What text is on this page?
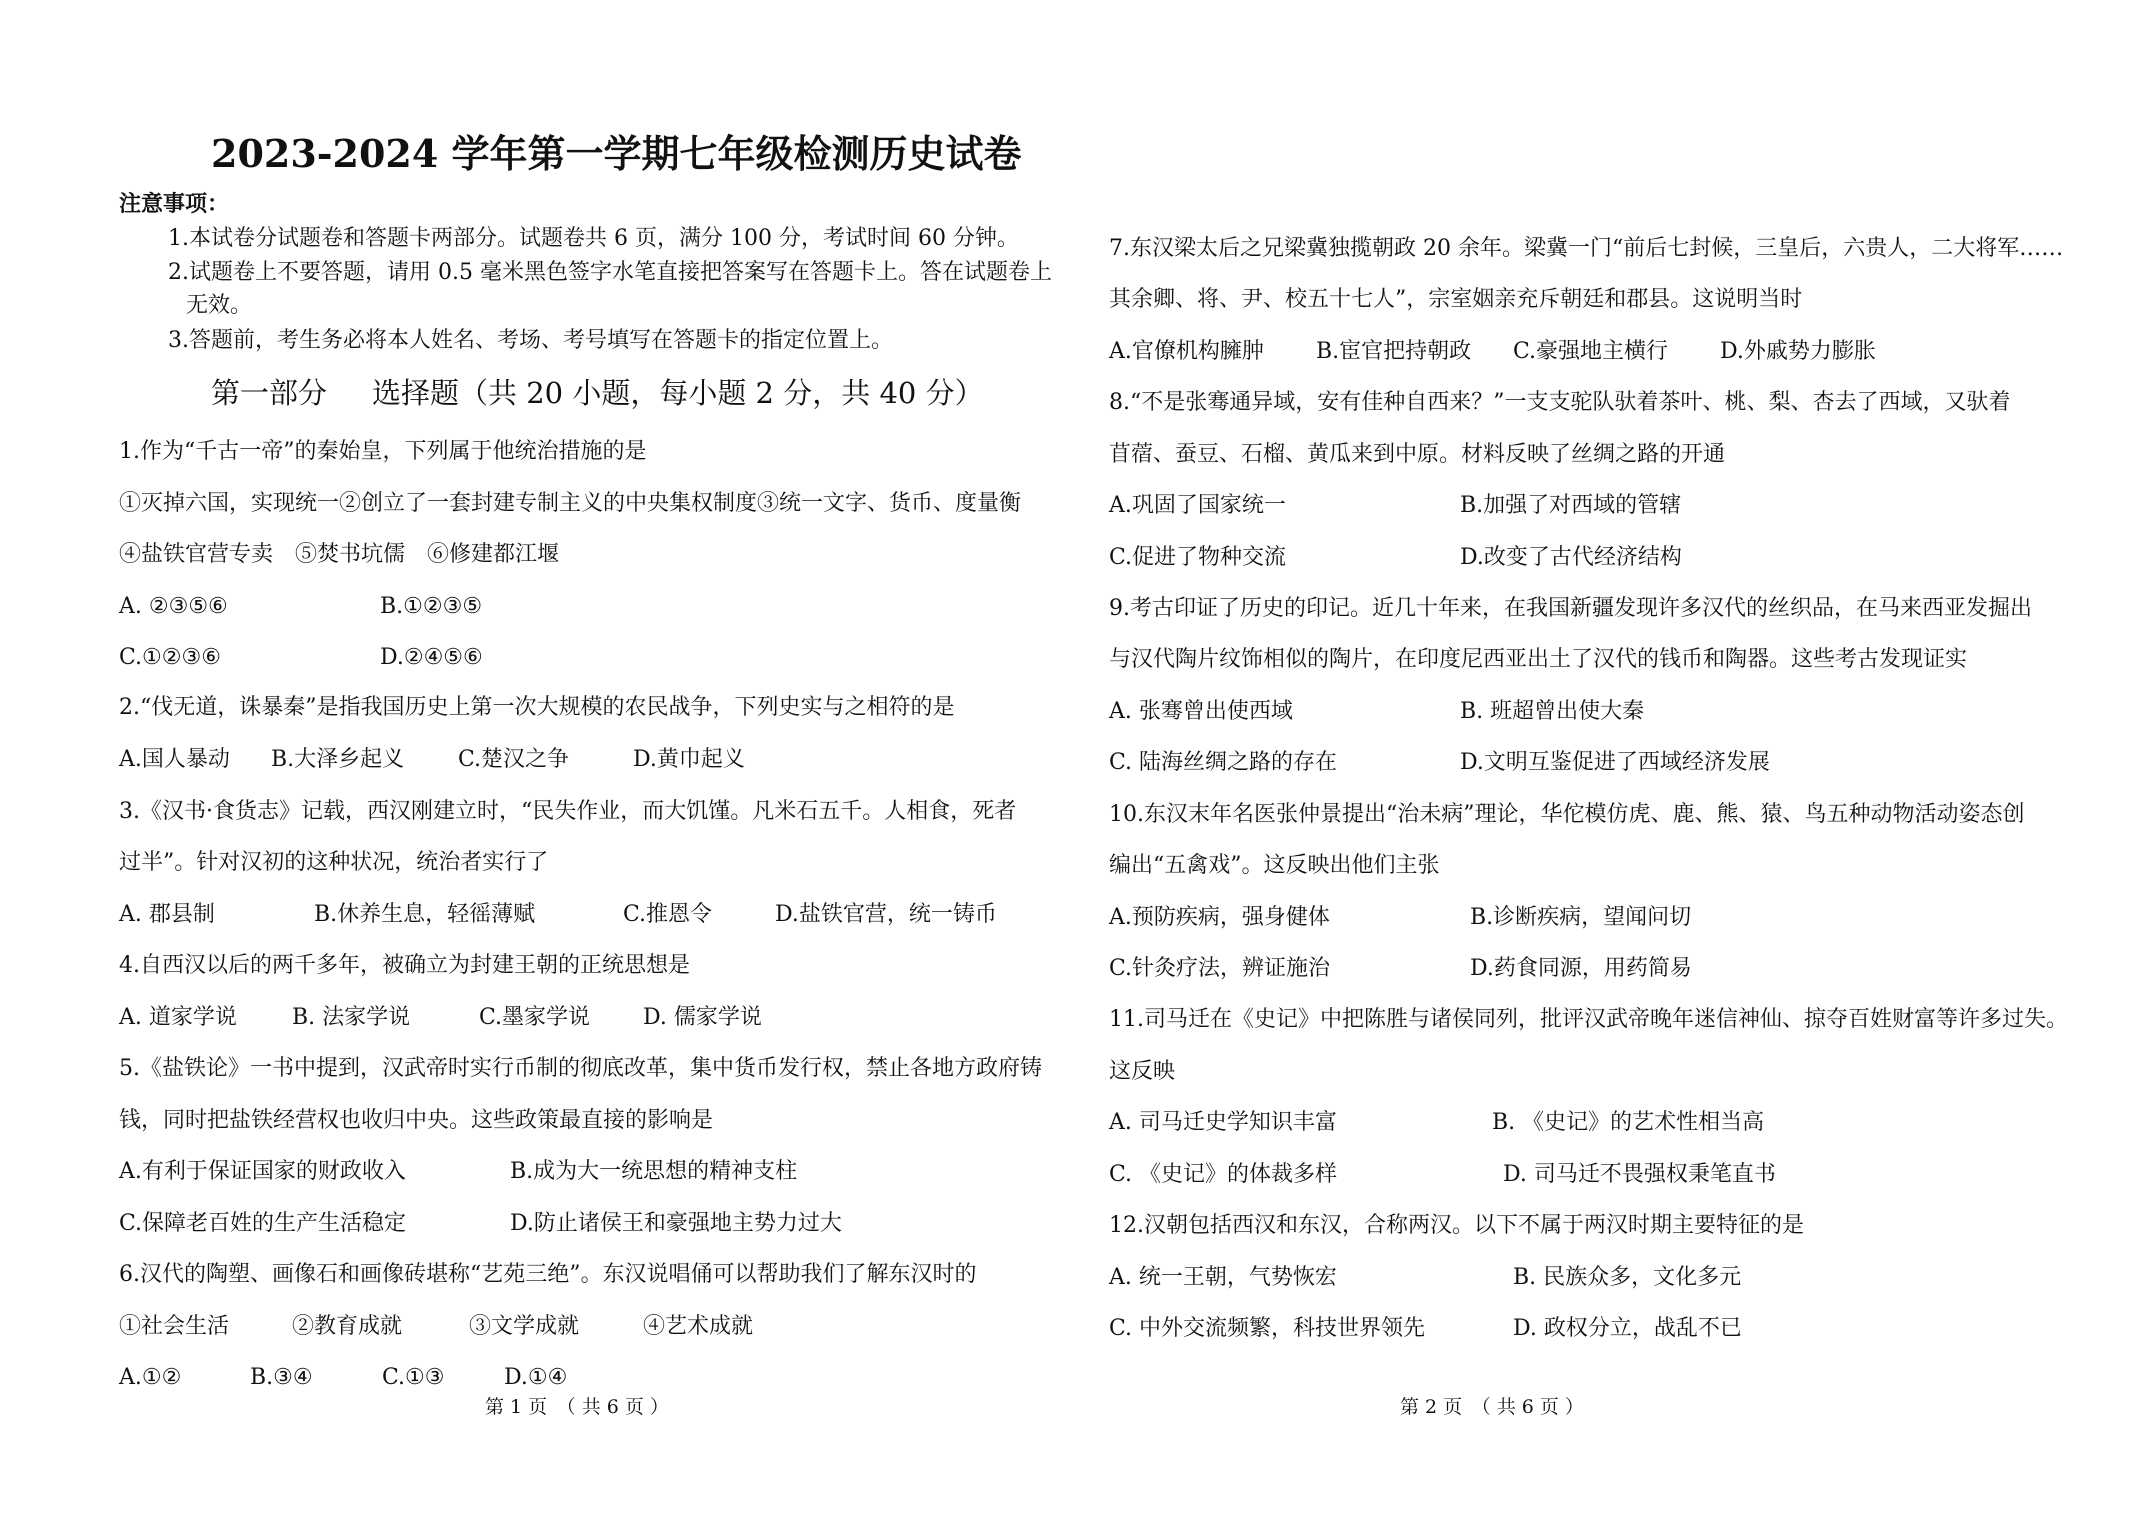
2023-2024 学年第一学期七年级检测历史试卷
注意事项：
1.本试卷分试题卷和答题卡两部分。试题卷共 6 页，满分 100 分，考试时间 60 分钟。
2.试题卷上不要答题，请用 0.5 毫米黑色签字水笔直接把答案写在答题卡上。答在试题卷上
无效。
3.答题前，考生务必将本人姓名、考场、考号填写在答题卡的指定位置上。
第一部分 选择题（共 20 小题，每小题 2 分，共 40 分）
1.作为“千古一帝”的秦始皇，下列属于他统治措施的是
①灭掉六国，实现统一②创立了一套封建专制主义的中央集权制度③统一文字、货币、度量衡
④盐铁官营专卖　⑤焚书坑儒　⑥修建都江堰
A. ②③⑤⑥	B.①②③⑤
C.①②③⑥	D.②④⑤⑥
2.“伐无道，诛暴秦”是指我国历史上第一次大规模的农民战争，下列史实与之相符的是
A.国人暴动 B.大泽乡起义 C.楚汉之争	D.黄巾起义
3.《汉书·食货志》记载，西汉刚建立时，“民失作业，而大饥馑。凡米石五千。人相食，死者
过半”。针对汉初的这种状况，统治者实行了
A. 郡县制	B.休养生息，轻徭薄赋	C.推恩令	D.盐铁官营，统一铸币
4.自西汉以后的两千多年，被确立为封建王朝的正统思想是
A. 道家学说	B. 法家学说	C.墨家学说 D. 儒家学说
5.《盐铁论》一书中提到，汉武帝时实行币制的彻底改革，集中货币发行权，禁止各地方政府铸
钱，同时把盐铁经营权也收归中央。这些政策最直接的影响是
A.有利于保证国家的财政收入	B.成为大一统思想的精神支柱
C.保障老百姓的生产生活稳定	D.防止诸侯王和豪强地主势力过大
6.汉代的陶塑、画像石和画像砖堪称“艺苑三绝”。东汉说唱俑可以帮助我们了解东汉时的
①社会生活	②教育成就	③文学成就	④艺术成就
A.①②	B.③④	C.①③	D.①④
7.东汉梁太后之兄梁冀独揽朝政 20 余年。梁冀一门“前后七封候，三皇后，六贵人，二大将军……
其余卿、将、尹、校五十七人”，宗室姻亲充斥朝廷和郡县。这说明当时
A.官僚机构臃肿 B.宦官把持朝政 C.豪强地主横行 D.外戚势力膨胀
8.“不是张骞通异域，安有佳种自西来？”一支支驼队驮着茶叶、桃、梨、杏去了西域，又驮着
苜蓿、蚕豆、石榴、黄瓜来到中原。材料反映了丝绸之路的开通
A.巩固了国家统一	B.加强了对西域的管辖
C.促进了物种交流	D.改变了古代经济结构
9.考古印证了历史的印记。近几十年来，在我国新疆发现许多汉代的丝织品，在马来西亚发掘出
与汉代陶片纹饰相似的陶片，在印度尼西亚出土了汉代的钱币和陶器。这些考古发现证实
A. 张骞曾出使西域	B. 班超曾出使大秦
C. 陆海丝绸之路的存在	D.文明互鉴促进了西域经济发展
10.东汉末年名医张仲景提出“治未病”理论，华佗模仿虎、鹿、熊、猿、鸟五种动物活动姿态创
编出“五禽戏”。这反映出他们主张
A.预防疾病，强身健体	B.诊断疾病，望闻问切
C.针灸疗法，辨证施治	D.药食同源，用药简易
11.司马迁在《史记》中把陈胜与诸侯同列，批评汉武帝晚年迷信神仙、掠夺百姓财富等许多过失。
这反映
A. 司马迁史学知识丰富	B. 《史记》的艺术性相当高
C. 《史记》的体裁多样	D. 司马迁不畏强权秉笔直书
12.汉朝包括西汉和东汉，合称两汉。以下不属于两汉时期主要特征的是
A. 统一王朝，气势恢宏	B. 民族众多，文化多元
C. 中外交流频繁，科技世界领先	D. 政权分立，战乱不已
第 1 页　（ 共 6 页 ）	第 2 页　（ 共 6 页 ）
